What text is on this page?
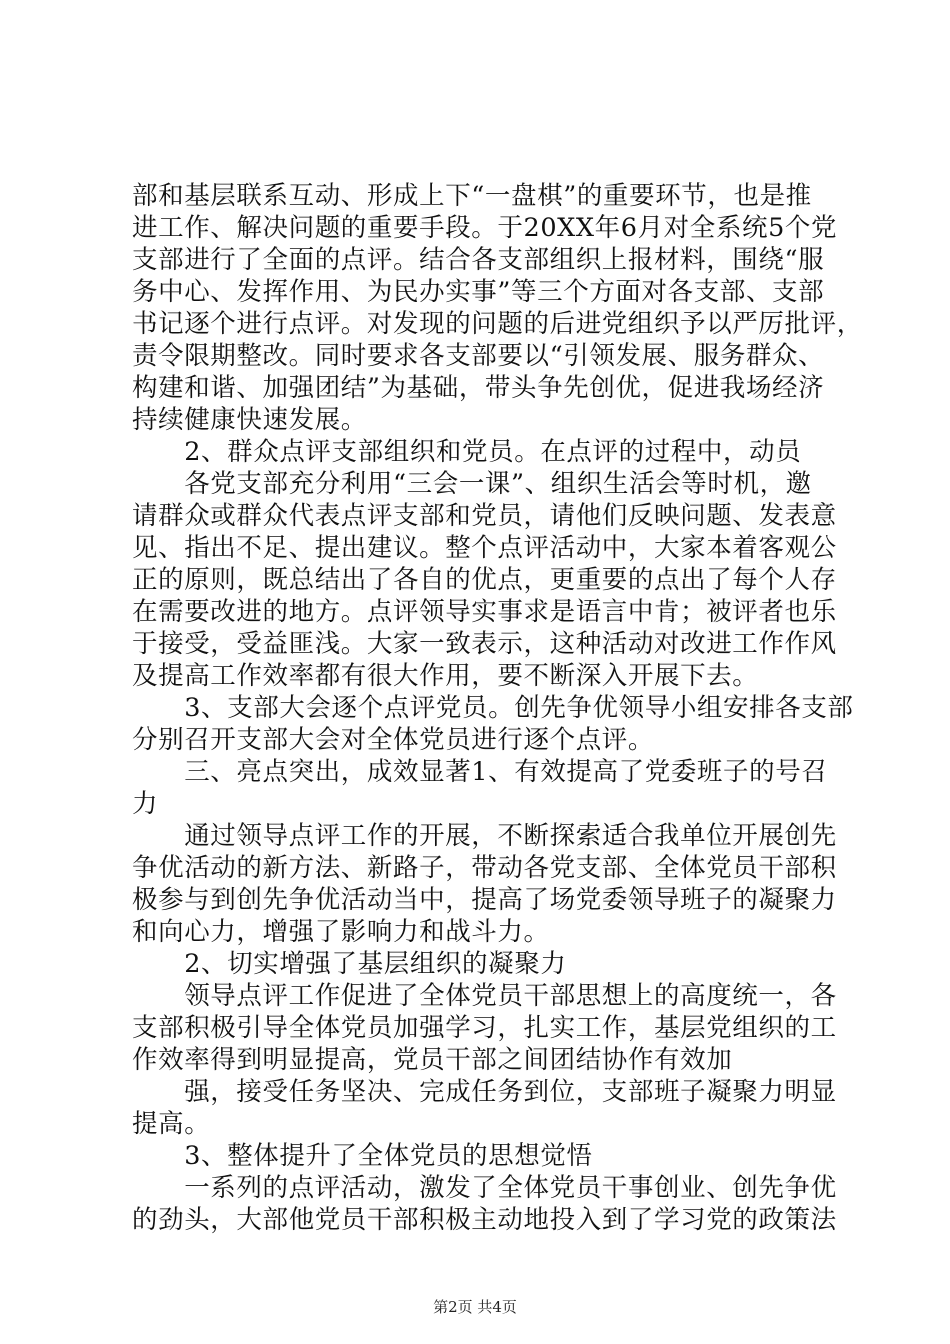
部和基层联系互动、形成上下“一盘棋”的重要环节，也是推
进工作、解决问题的重要手段。于20XX年6月对全系统5个党
支部进行了全面的点评。结合各支部组织上报材料，围绕“服
务中心、发挥作用、为民办实事”等三个方面对各支部、支部
书记逐个进行点评。对发现的问题的后进党组织予以严厉批评，
责令限期整改。同时要求各支部要以“引领发展、服务群众、
构建和谐、加强团结”为基础，带头争先创优，促进我场经济
持续健康快速发展。
　　2、群众点评支部组织和党员。在点评的过程中，动员
　　各党支部充分利用“三会一课”、组织生活会等时机，邀
请群众或群众代表点评支部和党员，请他们反映问题、发表意
见、指出不足、提出建议。整个点评活动中，大家本着客观公
正的原则，既总结出了各自的优点，更重要的点出了每个人存
在需要改进的地方。点评领导实事求是语言中肯；被评者也乐
于接受，受益匪浅。大家一致表示，这种活动对改进工作作风
及提高工作效率都有很大作用，要不断深入开展下去。
　　3、支部大会逐个点评党员。创先争优领导小组安排各支部
分别召开支部大会对全体党员进行逐个点评。
　　三、亮点突出，成效显著1、有效提高了党委班子的号召
力
　　通过领导点评工作的开展，不断探索适合我单位开展创先
争优活动的新方法、新路子，带动各党支部、全体党员干部积
极参与到创先争优活动当中，提高了场党委领导班子的凝聚力
和向心力，增强了影响力和战斗力。
　　2、切实增强了基层组织的凝聚力
　　领导点评工作促进了全体党员干部思想上的高度统一，各
支部积极引导全体党员加强学习，扎实工作，基层党组织的工
作效率得到明显提高，党员干部之间团结协作有效加
　　强，接受任务坚决、完成任务到位，支部班子凝聚力明显
提高。
　　3、整体提升了全体党员的思想觉悟
　　一系列的点评活动，激发了全体党员干事创业、创先争优
的劲头，大部他党员干部积极主动地投入到了学习党的政策法
第2页 共4页
